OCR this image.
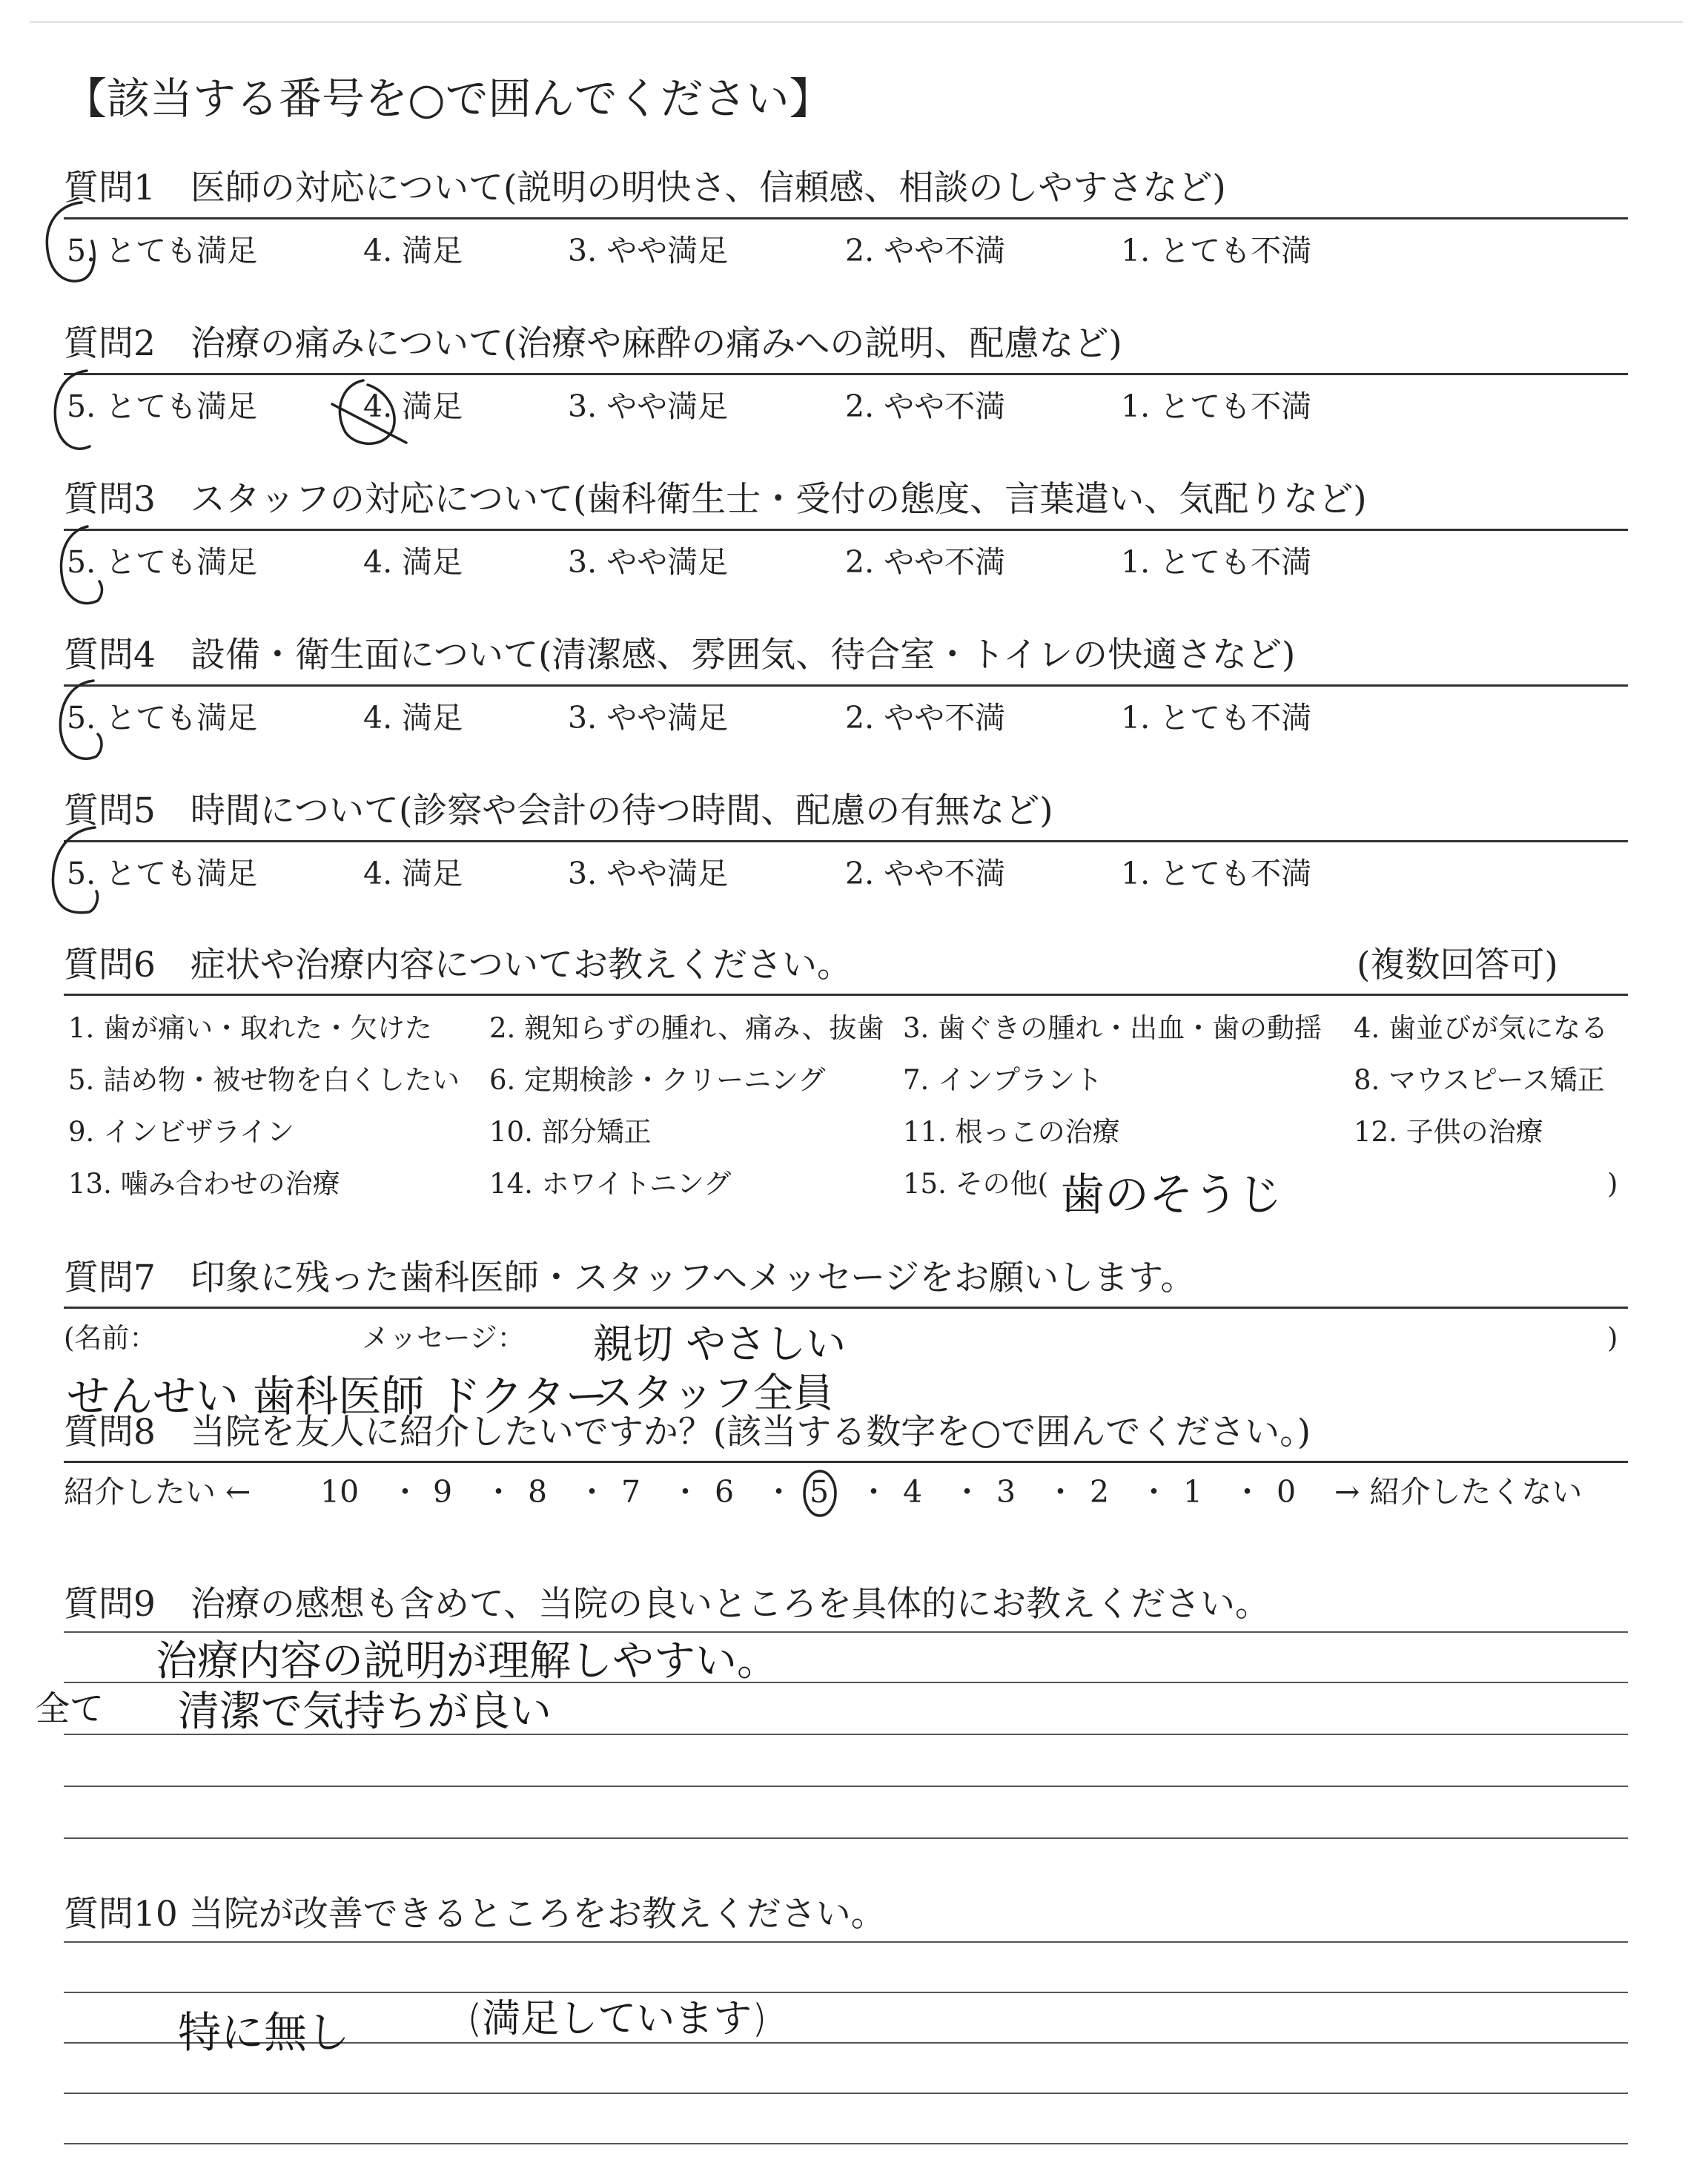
【該当する番号を○で囲んでください】
質問1　医師の対応について(説明の明快さ、信頼感、相談のしやすさなど)
5. とても満足	4. 満足	3. やや満足	2. やや不満	1. とても不満
質問2　治療の痛みについて(治療や麻酔の痛みへの説明、配慮など)
5. とても満足	4. 満足	3. やや満足	2. やや不満	1. とても不満
質問3　スタッフの対応について(歯科衛生士・受付の態度、言葉遣い、気配りなど)
5. とても満足	4. 満足	3. やや満足	2. やや不満	1. とても不満
質問4　設備・衛生面について(清潔感、雰囲気、待合室・トイレの快適さなど)
5. とても満足	4. 満足	3. やや満足	2. やや不満	1. とても不満
質問5　時間について(診察や会計の待つ時間、配慮の有無など)
5. とても満足	4. 満足	3. やや満足	2. やや不満	1. とても不満
質問6　症状や治療内容についてお教えください。	(複数回答可)
1. 歯が痛い・取れた・欠けた 2. 親知らずの腫れ、痛み、抜歯 3. 歯ぐきの腫れ・出血・歯の動揺 4. 歯並びが気になる
5. 詰め物・被せ物を白くしたい 6. 定期検診・クリーニング	7. インプラント	8. マウスピース矯正
9. インビザライン	10. 部分矯正	11. 根っこの治療	12. 子供の治療
13. 噛み合わせの治療	14. ホワイトニング	15. その他( 歯のそうじ	)
質問7　印象に残った歯科医師・スタッフへメッセージをお願いします。
(名前：	メッセージ： 親切 やさしい	)
せんせい 歯科医師 ドクター
スタッフ全員
質問8　当院を友人に紹介したいですか？(該当する数字を○で囲んでください。)
紹介したい ← 10 ・ 9 ・ 8 ・ 7 ・ 6 ・ 5 ・ 4 ・ 3 ・ 2 ・ 1 ・ 0 → 紹介したくない
質問9　治療の感想も含めて、当院の良いところを具体的にお教えください。
治療内容の説明が理解しやすい。
全て 清潔で気持ちが良い
質問10 当院が改善できるところをお教えください。
特に無し	(満足しています)
